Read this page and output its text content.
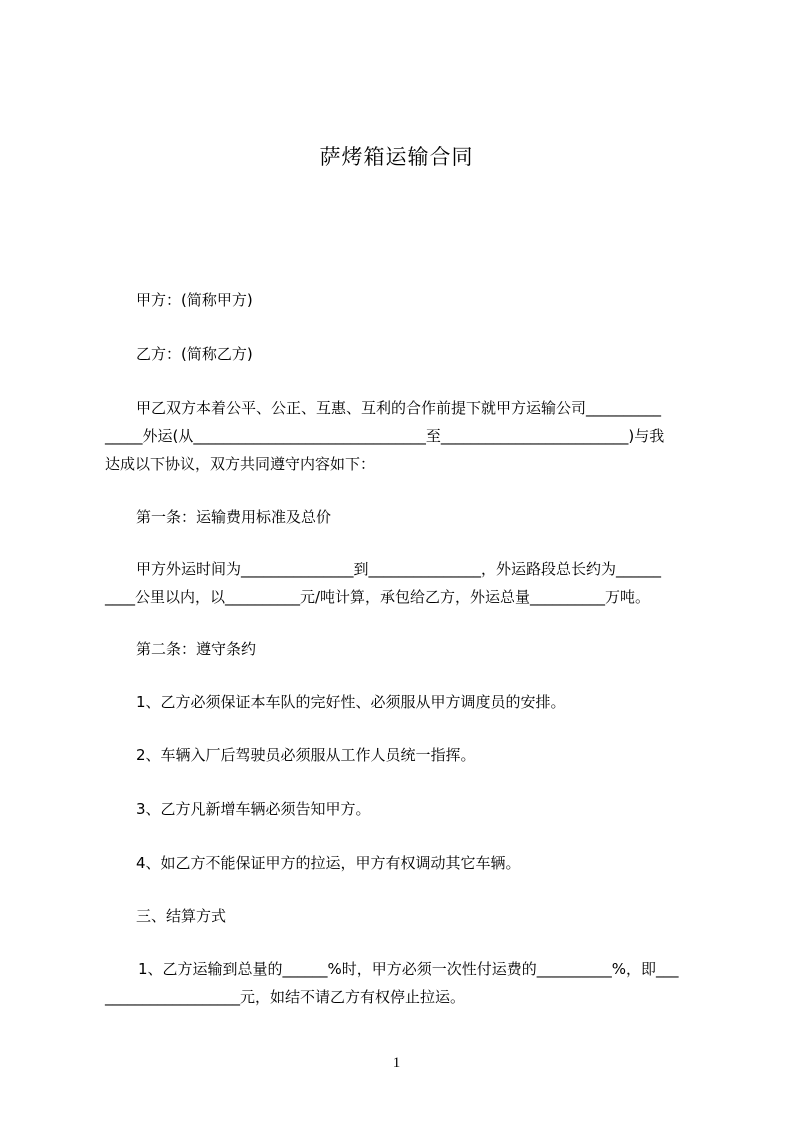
萨烤箱运输合同

甲方：(简称甲方)

乙方：(简称乙方)

甲乙双方本着公平、公正、互惠、互利的合作前提下就甲方运输公司__________

_____外运(从_______________________________至_________________________)与我

达成以下协议，双方共同遵守内容如下：

第一条：运输费用标准及总价

甲方外运时间为_______________到_______________，外运路段总长约为______

____公里以内，以__________元/吨计算，承包给乙方，外运总量__________万吨。

第二条：遵守条约

1、乙方必须保证本车队的完好性、必须服从甲方调度员的安排。

2、车辆入厂后驾驶员必须服从工作人员统一指挥。

3、乙方凡新增车辆必须告知甲方。

4、如乙方不能保证甲方的拉运，甲方有权调动其它车辆。

三、结算方式

1、乙方运输到总量的______%时，甲方必须一次性付运费的__________%，即___

__________________元，如结不请乙方有权停止拉运。

1
